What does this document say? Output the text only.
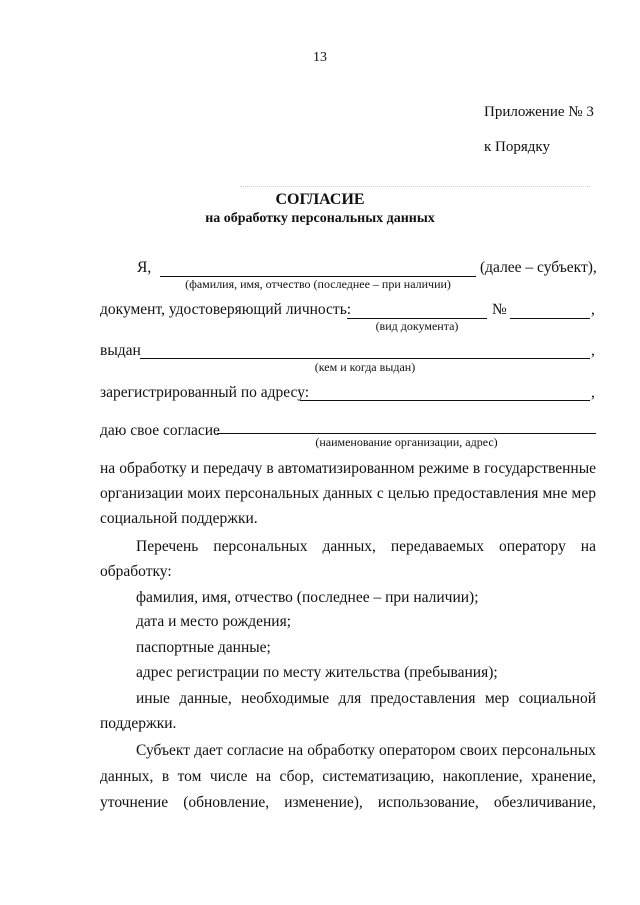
13
Приложение № 3
к Порядку
СОГЛАСИЕ
на обработку персональных данных
Я,	(далее – субъект),
(фамилия, имя, отчество (последнее – при наличии)
документ, удостоверяющий личность:	№	,
(вид документа)
выдан	,
(кем и когда выдан)
зарегистрированный по адресу:	,
даю свое согласие
(наименование организации, адрес)
на обработку и передачу в автоматизированном режиме в государственные
организации моих персональных данных с целью предоставления мне мер
социальной поддержки.
Перечень персональных данных, передаваемых оператору на
обработку:
фамилия, имя, отчество (последнее – при наличии);
дата и место рождения;
паспортные данные;
адрес регистрации по месту жительства (пребывания);
иные данные, необходимые для предоставления мер социальной
поддержки.
Субъект дает согласие на обработку оператором своих персональных
данных, в том числе на сбор, систематизацию, накопление, хранение,
уточнение (обновление, изменение), использование, обезличивание,
